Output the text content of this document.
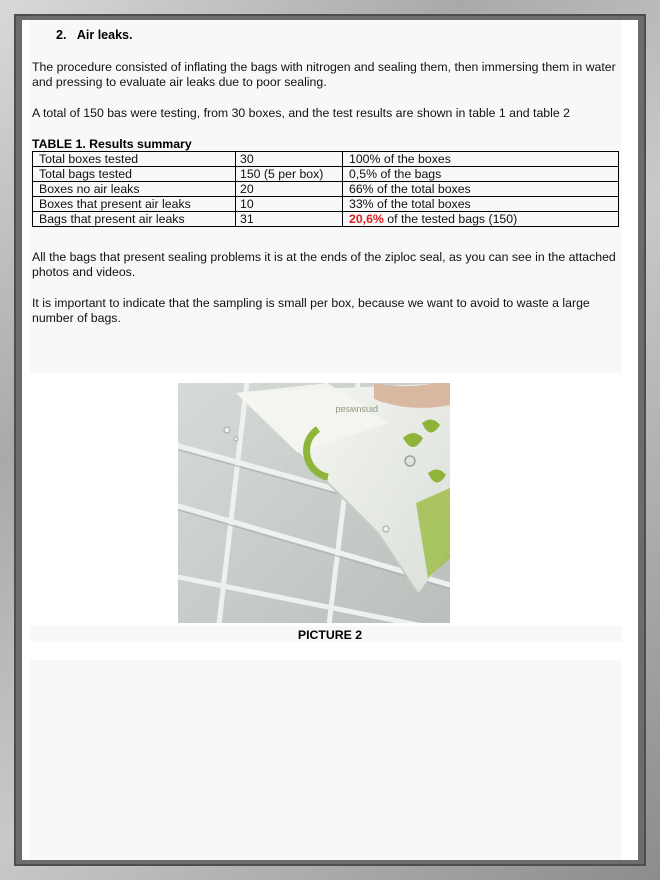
2. Air leaks.

The procedure consisted of inflating the bags with nitrogen and sealing them, then immersing them in water and pressing to evaluate air leaks due to poor sealing.

A total of 150 bas were testing, from 30 boxes, and the test results are shown in table 1 and table 2

TABLE 1. Results summary
Total boxes tested	30	100% of the boxes
Total bags tested	150 (5 per box)	0,5% of the bags
Boxes no air leaks	20	66% of the total boxes
Boxes that present air leaks	10	33% of the total boxes
Bags that present air leaks	31	20,6% of the tested bags (150)

All the bags that present sealing problems it is at the ends of the ziploc seal, as you can see in the attached photos and videos.

It is important to indicate that the sampling is small per box, because we want to avoid to waste a large number of bags.

pinsuwsad
PICTURE 2
